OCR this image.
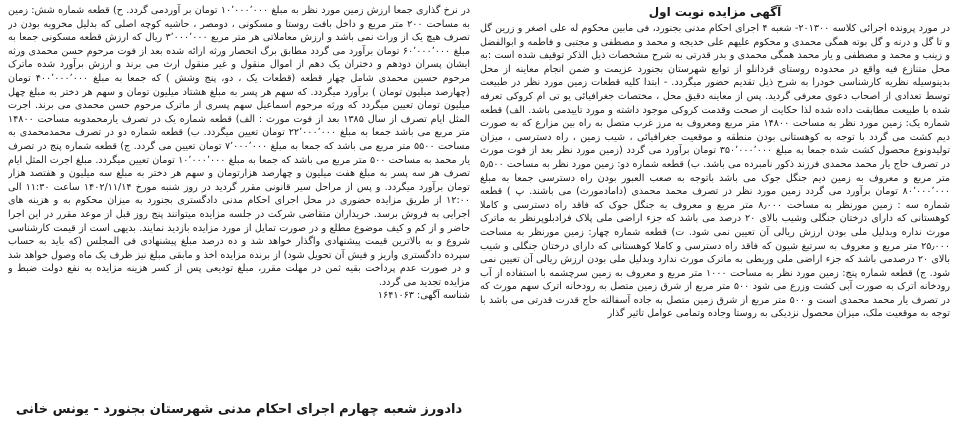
آگهی مزایده نوبت اول

در مورد پرونده اجرائی کلاسه ۲۰۱۳۰۰- شعبه ۴ اجرای احکام مدنی بجنورد، فی مابین محکوم له علی اصغر و زرین گل و تا گل و درنه و گل بوته همگی محمدی و محکوم علیهم علی خدیجه و محمد و مصطفی و مجتبی و فاطمه و ابوالفضل و زینب و محمد و مصطفی و یار محمد همگی محمدی و بدر قدرتی به شرح مشخصات ذیل الذکر توقیف شده است :به محل متنازع فیه واقع در محدوده روستای قردانلو از توابع شهرستان بجنورد عزیمت و ضمن انجام معاینه از محل بدینوسیله نظریه کارشناسی خودرا به شرح ذیل تقدیم حضور میگردد. - ابتدا کلیه قطعات زمین مورد نظر در طبیعت توسط تعدادی از اصحاب دعوی معرفی گردید. پس از معاینه دقیق محل ، مختصات جغرافیائی یو تی ام کروکی تعرفه شده با طبیعت مطابقت داده شده لذا حکایت از صحت وقدمت کروکی موجود داشته و مورد تاییدمی باشد. الف) قطعه شماره یک: زمین مورد نظر به مساحت ۱۴۸۰۰ متر مربع ومعروف به مرز غرب متصل به راه بین مزارع که به صورت دیم کشت می گردد با توجه به کوهستانی بودن منطقه و موقعیت جغرافیائی ، شیب زمین ، راه دسترسی ، میزان تولیدونوع محصول کشت شده جمعا به مبلغ ۳۵۰٬۰۰۰٬۰۰۰ تومان برآورد می گردد (زمین مورد نظر بعد از فوت مورث در تصرف حاج یار محمد محمدی فرزند ذکور نامبرده می باشد. ب) قطعه شماره دو: زمین مورد نظر به مساحت ۵٫۵۰۰ متر مربع و معروف به زمین دیم جنگل جوک می باشد باتوجه به صعب العبور بودن راه دسترسی جمعا به مبلغ ۸۰٬۰۰۰٬۰۰۰ تومان برآورد می گردد زمین مورد نظر در تصرف محمد محمدی (دامادمورث) می باشند. پ ) قطعه شماره سه : زمین مورنظر به مساحت ۸٫۰۰۰ متر مربع و معروف به جنگل جوک که فاقد راه دسترسی و کاملا کوهستانی که دارای درختان جنگلی وشیب بالای ۲۰ درصد می باشد که جزء اراضی ملی پلاک فرادبلوپرنظر به ماترک مورث نداره وبدلیل ملی بودن ارزش ریالی آن تعیین نمی شود. ت) قطعه شماره چهار: زمین مورنظر به مساحت ۲۵٫۰۰۰ متر مربع و معروف به سرتیغ شیون که فاقد راه دسترسی و کاملا کوهستانی که دارای درختان جنگلی و شیب بالای ۲۰ درصدمی باشد که جزء اراضی ملی وربطی به ماترک مورث ندارد وبدلیل ملی بودن ارزش ریالی آن تعیین نمی شود. ج) قطعه شماره پنج: زمین مورد نظر به مساحت ۱۰۰۰ متر مربع و معروف به زمین سرچشمه با استفاده از آب رودخانه اترک به صورت آبی کشت وزرع می شود ۵۰۰ متر مربع از شرق زمین متصل به رودخانه اترک سهم مورث که در تصرف یار محمد محمدی است و ۵۰۰ متر مربع از شرق زمین متصل به جاده آسفالته حاج قدرت قدرتی می باشد با توجه به موقعیت ملک، میزان محصول نزدیکی به روستا وجاده وتمامی عوامل تاثیر گذار

در نرخ گذاری جمعا ارزش زمین مورد نظر به مبلغ ۱۰٬۰۰۰٬۰۰۰ تومان بر آوردمی گردد. ح) قطعه شماره شش: زمین به مساحت ۲۰۰ متر مربع و داخل بافت روستا و مسکونی ، دومصر ، حاشیه کوچه اصلی که بدلیل مخروبه بودن در تصرف هیچ یک از وراث نمی باشد و ارزش معاملاتی هر متر مربع ۳٬۰۰۰٬۰۰۰ ریال که ارزش قطعه مسکونی جمعا به مبلغ ۶۰٬۰۰۰٬۰۰۰ تومان برآورد می گردد مطابق برگ انحصار ورثه ارائه شده بعد از فوت مرحوم حسن محمدی ورثه ایشان پسران دودهم و دختران یک دهم از اموال منقول و غیر منقول ارث می برند و ارزش برآورد شده ماترک مرحوم حسین محمدی شامل چهار قطعه (قطعات یک ، دو، پنج وشش ) که جمعا به مبلغ ۴۰۰٬۰۰۰٬۰۰۰ تومان (چهارصد میلیون تومان ) برآورد میگردد. که سهم هر پسر به مبلغ هشتاد میلیون تومان و سهم هر دختر به مبلغ چهل میلیون تومان تعیین میگردد که ورثه مرحوم اسماعیل سهم پسری از ماترک مرحوم حسن محمدی می برند. اجرت المثل ایام تصرف از سال ۱۳۸۵ بعد از فوت مورث : الف) قطعه شماره یک در تصرف یارمحمدوبه مساحت ۱۴۸۰۰ متر مربع می باشد جمعا به مبلغ ۲۲٬۰۰۰٬۰۰۰ تومان تعیین میگردد. ب) قطعه شماره دو در تصرف محمدمحمدی به مساحت ۵۵۰۰ متر مربع می باشد که جمعا به مبلغ ۷٬۰۰۰٬۰۰۰ تومان تعیین می گردد. ج) قطعه شماره پنج در تصرف یار محمد به مساحت ۵۰۰ متر مربع می باشد که جمعا به مبلغ ۱۰٬۰۰۰٬۰۰۰ تومان تعیین میگردد. مبلغ اجرت المثل ایام تصرف هر سه پسر به مبلغ هفت میلیون و چهارصد هزارتومان و سهم هر دختر به مبلغ سه میلیون و هفتصد هزار تومان برآورد میگردد. و پس از مراحل سیر قانونی مقرر گردید در روز شنبه مورخ ۱۴۰۲/۱۱/۱۴ ساعت ۱۱:۳۰ الی ۱۲:۰۰ از طریق مزایده حضوری در محل اجرای احکام مدنی دادگستری بجنورد به میزان محکوم به و هزینه های اجرایی به فروش برسد. خریداران متقاضی شرکت در جلسه مزایده میتوانند پنج روز قبل از موعد مقرر در این اجرا حاضر و از کم و کیف موضوع مطلع و در صورت تمایل از مورد مزایده بازدید نمایند. بدیهی است از قیمت کارشناسی شروع و به بالاترین قیمت پیشنهادی واگذار خواهد شد و ده درصد مبلغ پیشنهادی فی المجلس (که باید به حساب سپرده دادگستری واریز و فیش آن تحویل شود) از برنده مزایده اخذ و مابقی مبلغ نیز ظرف یک ماه وصول خواهد شد و در صورت عدم پرداخت بقیه ثمن در مهلت مقرر، مبلغ تودیعی پس از کسر هزینه مزایده به نفع دولت ضبط و مزایده تجدید می گردد.

شناسه آگهی: ۱۶۴۱۰۶۳

دادورز شعبه چهارم اجرای احکام مدنی شهرستان بجنورد - یونس خانی
